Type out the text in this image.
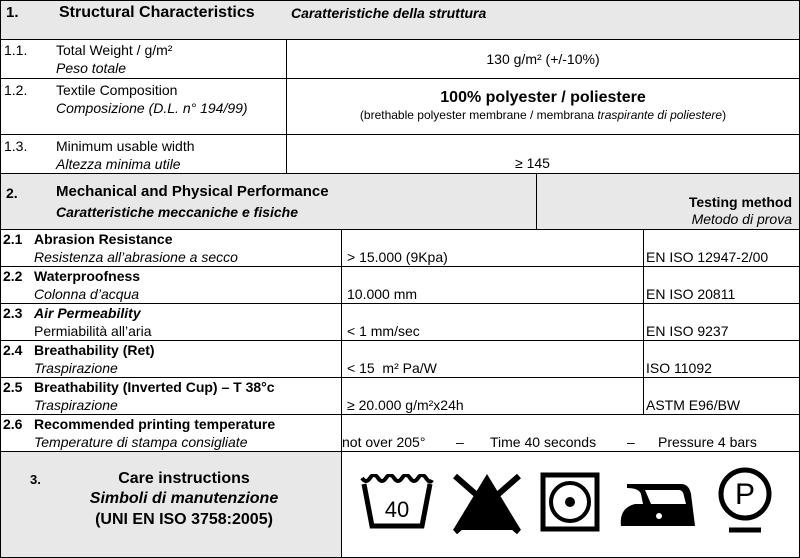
1.	Structural Characteristics	Caratteristiche della struttura
1.1. Total Weight / g/m²
Peso totale
130 g/m² (+/-10%)
1.2. Textile Composition
Composizione (D.L. n° 194/99)
100% polyester / poliestere
(brethable polyester membrane / membrana traspirante di poliestere)
1.3. Minimum usable width
Altezza minima utile	≥ 145
2.	Mechanical and Physical Performance
Caratteristiche meccaniche e fisiche
Testing method
Metodo di prova
2.1 Abrasion Resistance
Resistenza all’abrasione a secco	> 15.000 (9Kpa)	EN ISO 12947-2/00
2.2 Waterproofness
Colonna d’acqua	10.000 mm	EN ISO 20811
2.3 Air Permeability
Permiabilità all’aria	< 1 mm/sec	EN ISO 9237
2.4 Breathability (Ret)
Traspirazione	< 15  m² Pa/W	ISO 11092
2.5 Breathability (Inverted Cup) – T 38°c
Traspirazione	≥ 20.000 g/m²x24h	ASTM E96/BW
2.6 Recommended printing temperature
Temperature di stampa consigliate	not over 205° – Time 40 seconds – Pressure 4 bars
3.	Care instructions
Simboli di manutenzione
(UNI EN ISO 3758:2005)	40	P
